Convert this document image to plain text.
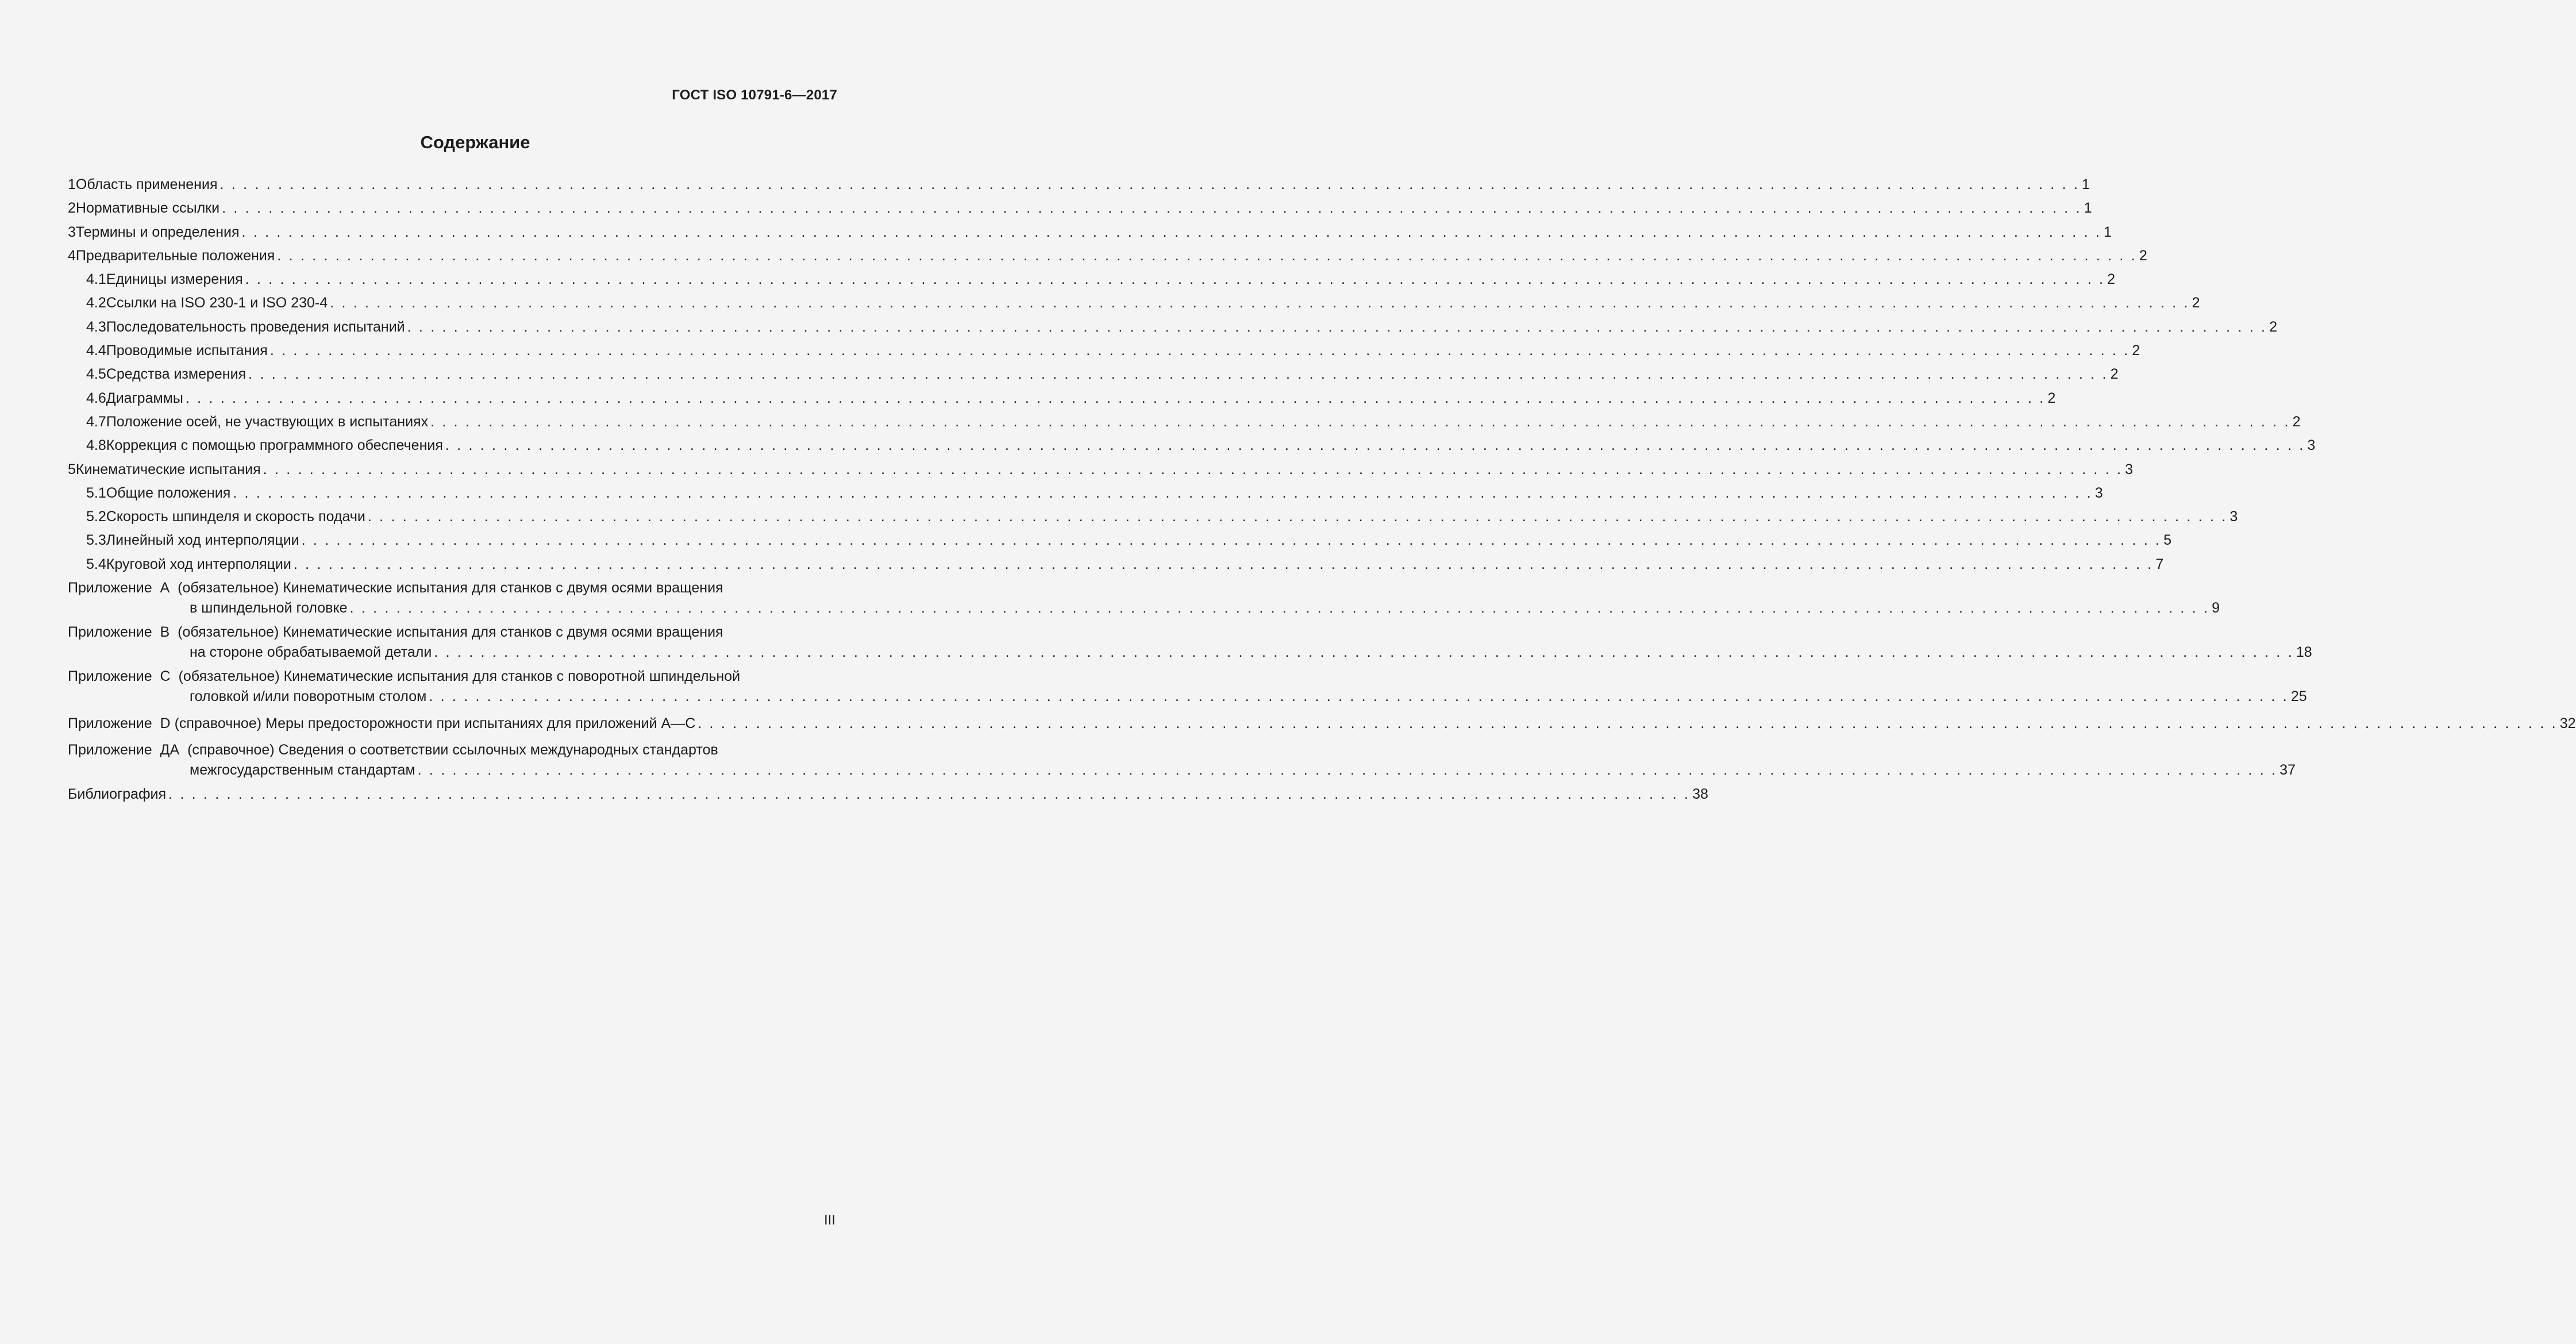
ГОСТ ISO 10791-6—2017
Содержание
1 Область применения . . . . . . . . . . . . . . . . . . . . . . . . . . . . . . . . . . . . . . . . . . . . . . . . . . . . . . . . . . . . . . . . . . . . . . . . . . . . . . . . . . . . . . . . . . . . . . . . . . . . . . . . . . . . . . . . . . . . . . . . . . . . . . . . . . . . . . . . . . . . . . . . . . . . . . . . . . . . . . . . 1
2 Нормативные ссылки . . . . . . . . . . . . . . . . . . . . . . . . . . . . . . . . . . . . . . . . . . . . . . . . . . . . . . . . . . . . . . . . . . . . . . . . . . . . . . . . . . . . . . . . . . . . . . . . . . . . . . . . . . . . . . . . . . . . . . . . . . . . . . . . . . . . . . . . . . . . . . . . . . . . . . . . . . . . . . . . 1
3 Термины и определения . . . . . . . . . . . . . . . . . . . . . . . . . . . . . . . . . . . . . . . . . . . . . . . . . . . . . . . . . . . . . . . . . . . . . . . . . . . . . . . . . . . . . . . . . . . . . . . . . . . . . . . . . . . . . . . . . . . . . . . . . . . . . . . . . . . . . . . . . . . . . . . . . . . . . . . . . . . . . . . . 1
4 Предварительные положения . . . . . . . . . . . . . . . . . . . . . . . . . . . . . . . . . . . . . . . . . . . . . . . . . . . . . . . . . . . . . . . . . . . . . . . . . . . . . . . . . . . . . . . . . . . . . . . . . . . . . . . . . . . . . . . . . . . . . . . . . . . . . . . . . . . . . . . . . . . . . . . . . . . . . . . . . . . . . . . . 2
4.1 Единицы измерения . . . . . . . . . . . . . . . . . . . . . . . . . . . . . . . . . . . . . . . . . . . . . . . . . . . . . . . . . . . . . . . . . . . . . . . . . . . . . . . . . . . . . . . . . . . . . . . . . . . . . . . . . . . . . . . . . . . . . . . . . . . . . . . . . . . . . . . . . . . . . . . . . . . . . . . . . . . . . . . . 2
4.2 Ссылки на ISO 230-1 и ISO 230-4 . . . . . . . . . . . . . . . . . . . . . . . . . . . . . . . . . . . . . . . . . . . . . . . . . . . . . . . . . . . . . . . . . . . . . . . . . . . . . . . . . . . . . . . . . . . . . . . . . . . . . . . . . . . . . . . . . . . . . . . . . . . . . . . . . . . . . . . . . . . . . . . . . . . . . . . . . . . . . . . . 2
4.3 Последовательность проведения испытаний . . . . . . . . . . . . . . . . . . . . . . . . . . . . . . . . . . . . . . . . . . . . . . . . . . . . . . . . . . . . . . . . . . . . . . . . . . . . . . . . . . . . . . . . . . . . . . . . . . . . . . . . . . . . . . . . . . . . . . . . . . . . . . . . . . . . . . . . . . . . . . . . . . . . . . . . . . . . . . . . 2
4.4 Проводимые испытания . . . . . . . . . . . . . . . . . . . . . . . . . . . . . . . . . . . . . . . . . . . . . . . . . . . . . . . . . . . . . . . . . . . . . . . . . . . . . . . . . . . . . . . . . . . . . . . . . . . . . . . . . . . . . . . . . . . . . . . . . . . . . . . . . . . . . . . . . . . . . . . . . . . . . . . . . . . . . . . . 2
4.5 Средства измерения . . . . . . . . . . . . . . . . . . . . . . . . . . . . . . . . . . . . . . . . . . . . . . . . . . . . . . . . . . . . . . . . . . . . . . . . . . . . . . . . . . . . . . . . . . . . . . . . . . . . . . . . . . . . . . . . . . . . . . . . . . . . . . . . . . . . . . . . . . . . . . . . . . . . . . . . . . . . . . . . 2
4.6 Диаграммы . . . . . . . . . . . . . . . . . . . . . . . . . . . . . . . . . . . . . . . . . . . . . . . . . . . . . . . . . . . . . . . . . . . . . . . . . . . . . . . . . . . . . . . . . . . . . . . . . . . . . . . . . . . . . . . . . . . . . . . . . . . . . . . . . . . . . . . . . . . . . . . . . . . . . . . . . . . . . . . . 2
4.7 Положение осей, не участвующих в испытаниях . . . . . . . . . . . . . . . . . . . . . . . . . . . . . . . . . . . . . . . . . . . . . . . . . . . . . . . . . . . . . . . . . . . . . . . . . . . . . . . . . . . . . . . . . . . . . . . . . . . . . . . . . . . . . . . . . . . . . . . . . . . . . . . . . . . . . . . . . . . . . . . . . . . . . . . . . . . . . . . . 2
4.8 Коррекция с помощью программного обеспечения . . . . . . . . . . . . . . . . . . . . . . . . . . . . . . . . . . . . . . . . . . . . . . . . . . . . . . . . . . . . . . . . . . . . . . . . . . . . . . . . . . . . . . . . . . . . . . . . . . . . . . . . . . . . . . . . . . . . . . . . . . . . . . . . . . . . . . . . . . . . . . . . . . . . . . . . . . . . . . . . 3
5 Кинематические испытания . . . . . . . . . . . . . . . . . . . . . . . . . . . . . . . . . . . . . . . . . . . . . . . . . . . . . . . . . . . . . . . . . . . . . . . . . . . . . . . . . . . . . . . . . . . . . . . . . . . . . . . . . . . . . . . . . . . . . . . . . . . . . . . . . . . . . . . . . . . . . . . . . . . . . . . . . . . . . . . . 3
5.1 Общие положения . . . . . . . . . . . . . . . . . . . . . . . . . . . . . . . . . . . . . . . . . . . . . . . . . . . . . . . . . . . . . . . . . . . . . . . . . . . . . . . . . . . . . . . . . . . . . . . . . . . . . . . . . . . . . . . . . . . . . . . . . . . . . . . . . . . . . . . . . . . . . . . . . . . . . . . . . . . . . . . . 3
5.2 Скорость шпинделя и скорость подачи . . . . . . . . . . . . . . . . . . . . . . . . . . . . . . . . . . . . . . . . . . . . . . . . . . . . . . . . . . . . . . . . . . . . . . . . . . . . . . . . . . . . . . . . . . . . . . . . . . . . . . . . . . . . . . . . . . . . . . . . . . . . . . . . . . . . . . . . . . . . . . . . . . . . . . . . . . . . . . . . 3
5.3 Линейный ход интерполяции . . . . . . . . . . . . . . . . . . . . . . . . . . . . . . . . . . . . . . . . . . . . . . . . . . . . . . . . . . . . . . . . . . . . . . . . . . . . . . . . . . . . . . . . . . . . . . . . . . . . . . . . . . . . . . . . . . . . . . . . . . . . . . . . . . . . . . . . . . . . . . . . . . . . . . . . . . . . . . . . 5
5.4 Круговой ход интерполяции . . . . . . . . . . . . . . . . . . . . . . . . . . . . . . . . . . . . . . . . . . . . . . . . . . . . . . . . . . . . . . . . . . . . . . . . . . . . . . . . . . . . . . . . . . . . . . . . . . . . . . . . . . . . . . . . . . . . . . . . . . . . . . . . . . . . . . . . . . . . . . . . . . . . . . . . . . . . . . . . 7
Приложение
A
(обязательное) Кинематические испытания для станков с двумя осями вращения
в шпиндельной головке . . . . . . . . . . . . . . . . . . . . . . . . . . . . . . . . . . . . . . . . . . . . . . . . . . . . . . . . . . . . . . . . . . . . . . . . . . . . . . . . . . . . . . . . . . . . . . . . . . . . . . . . . . . . . . . . . . . . . . . . . . . . . . . . . . . . . . . . . . . . . . . . . . . . . . . . . . . . . . . . 9
Приложение
B
(обязательное) Кинематические испытания для станков с двумя осями вращения
на стороне обрабатываемой детали . . . . . . . . . . . . . . . . . . . . . . . . . . . . . . . . . . . . . . . . . . . . . . . . . . . . . . . . . . . . . . . . . . . . . . . . . . . . . . . . . . . . . . . . . . . . . . . . . . . . . . . . . . . . . . . . . . . . . . . . . . . . . . . . . . . . . . . . . . . . . . . . . . . . . . . . . . . . . . . . 18
Приложение
C
(обязательное) Кинематические испытания для станков с поворотной шпиндельной
головкой и/или поворотным столом . . . . . . . . . . . . . . . . . . . . . . . . . . . . . . . . . . . . . . . . . . . . . . . . . . . . . . . . . . . . . . . . . . . . . . . . . . . . . . . . . . . . . . . . . . . . . . . . . . . . . . . . . . . . . . . . . . . . . . . . . . . . . . . . . . . . . . . . . . . . . . . . . . . . . . . . . . . . . . . . 25
Приложение
D
(справочное) Меры предосторожности при испытаниях для приложений A—C . . . . . . . . . . . . . . . . . . . . . . . . . . . . . . . . . . . . . . . . . . . . . . . . . . . . . . . . . . . . . . . . . . . . . . . . . . . . . . . . . . . . . . . . . . . . . . . . . . . . . . . . . . . . . . . . . . . . . . . . . . . . . . . . . . . . . . . . . . . . . . . . . . . . . . . . . . . . . . . . 32
Приложение
ДА
(справочное) Сведения о соответствии ссылочных международных стандартов
межгосударственным стандартам . . . . . . . . . . . . . . . . . . . . . . . . . . . . . . . . . . . . . . . . . . . . . . . . . . . . . . . . . . . . . . . . . . . . . . . . . . . . . . . . . . . . . . . . . . . . . . . . . . . . . . . . . . . . . . . . . . . . . . . . . . . . . . . . . . . . . . . . . . . . . . . . . . . . . . . . . . . . . . . . 37
Библиография . . . . . . . . . . . . . . . . . . . . . . . . . . . . . . . . . . . . . . . . . . . . . . . . . . . . . . . . . . . . . . . . . . . . . . . . . . . . . . . . . . . . . . . . . . . . . . . . . . . . . . . . . . . . . . . . . . . . . . . . . . . . . . . . . . . 38
III
